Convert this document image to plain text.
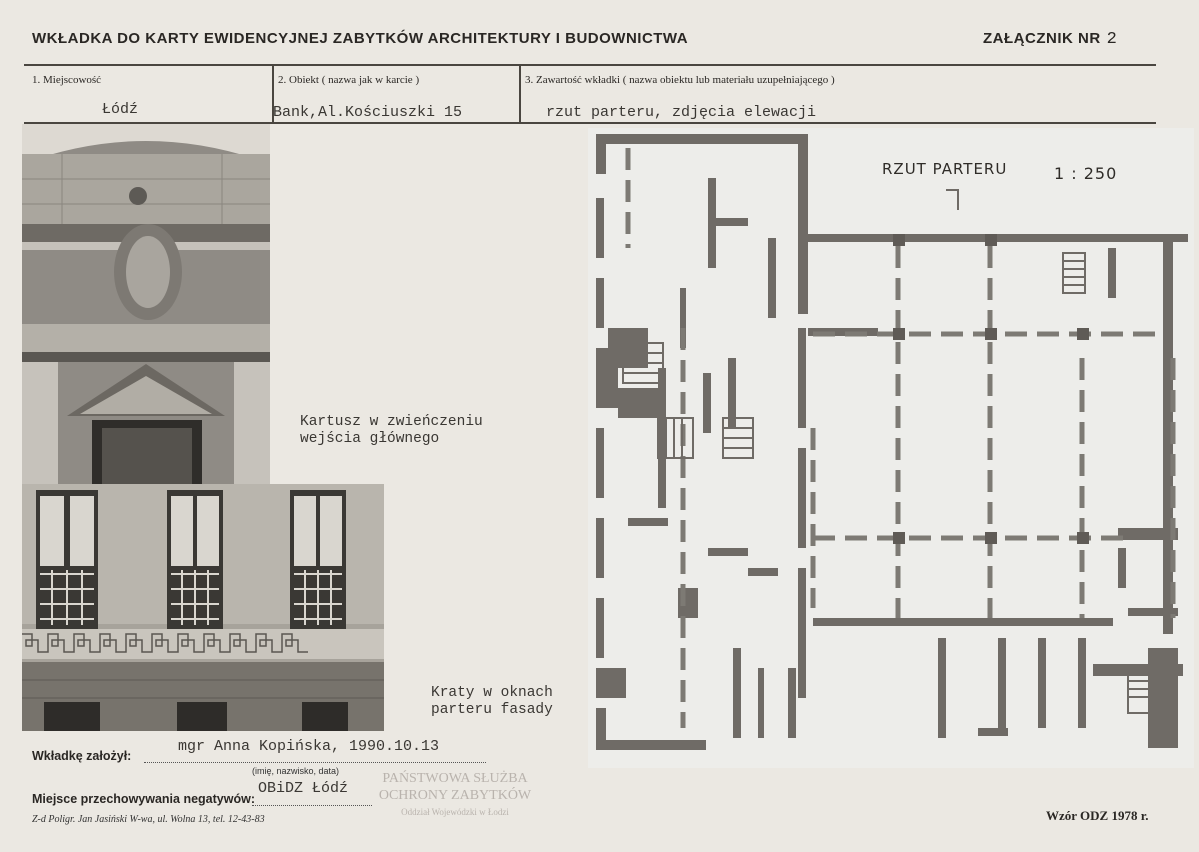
WKŁADKA DO KARTY EWIDENCYJNEJ ZABYTKÓW ARCHITEKTURY I BUDOWNICTWA	ZAŁĄCZNIK NR 2
1. Miejscowość
Łódź
2. Obiekt ( nazwa jak w karcie )
Bank,Al.Kościuszki 15
3. Zawartość wkładki ( nazwa obiektu lub materiału uzupełniającego )
rzut parteru, zdjęcia elewacji
Kartusz w zwieńczeniu
wejścia głównego
Kraty w oknach
parteru fasady
RZUT PARTERU	1 : 250
Wkładkę założył:
mgr Anna Kopińska, 1990.10.13
(imię, nazwisko, data)	PAŃSTWOWA SŁUŻBA
OCHRONY ZABYTKÓW
Oddział Wojewódzki w Łodzi
Miejsce przechowywania negatywów:
OBiDZ Łódź
Z-d Poligr. Jan Jasiński W-wa, ul. Wolna 13, tel. 12-43-83	Wzór ODZ 1978 r.
